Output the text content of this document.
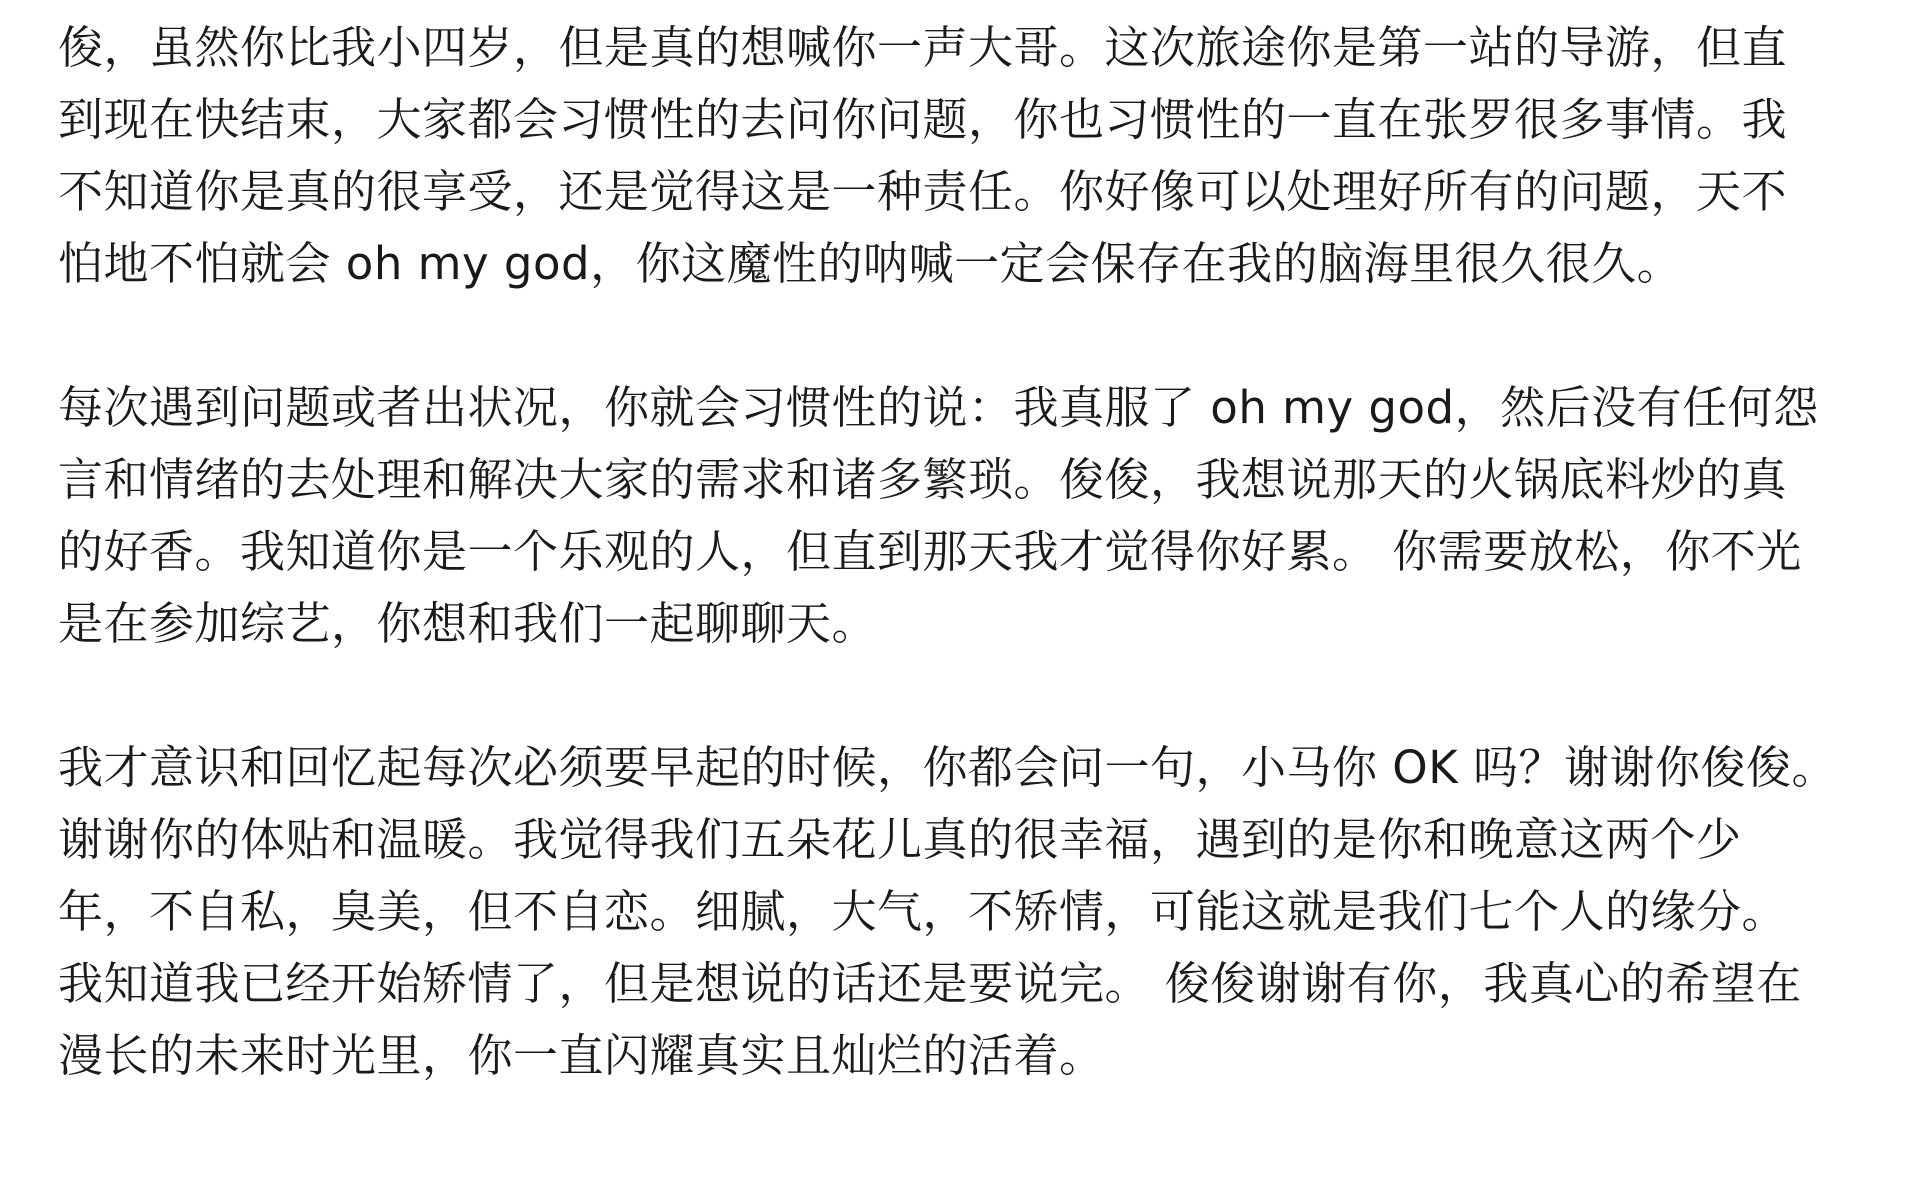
俊，虽然你比我小四岁，但是真的想喊你一声大哥。这次旅途你是第一站的导游，但直
到现在快结束，大家都会习惯性的去问你问题，你也习惯性的一直在张罗很多事情。我
不知道你是真的很享受，还是觉得这是一种责任。你好像可以处理好所有的问题，天不
怕地不怕就会 oh my god，你这魔性的呐喊一定会保存在我的脑海里很久很久。
每次遇到问题或者出状况，你就会习惯性的说：我真服了 oh my god，然后没有任何怨
言和情绪的去处理和解决大家的需求和诸多繁琐。俊俊，我想说那天的火锅底料炒的真
的好香。我知道你是一个乐观的人，但直到那天我才觉得你好累。 你需要放松，你不光
是在参加综艺，你想和我们一起聊聊天。
我才意识和回忆起每次必须要早起的时候，你都会问一句，小马你 OK 吗？谢谢你俊俊。
谢谢你的体贴和温暖。我觉得我们五朵花儿真的很幸福，遇到的是你和晚意这两个少
年，不自私，臭美，但不自恋。细腻，大气，不矫情，可能这就是我们七个人的缘分。
我知道我已经开始矫情了，但是想说的话还是要说完。 俊俊谢谢有你，我真心的希望在
漫长的未来时光里，你一直闪耀真实且灿烂的活着。
